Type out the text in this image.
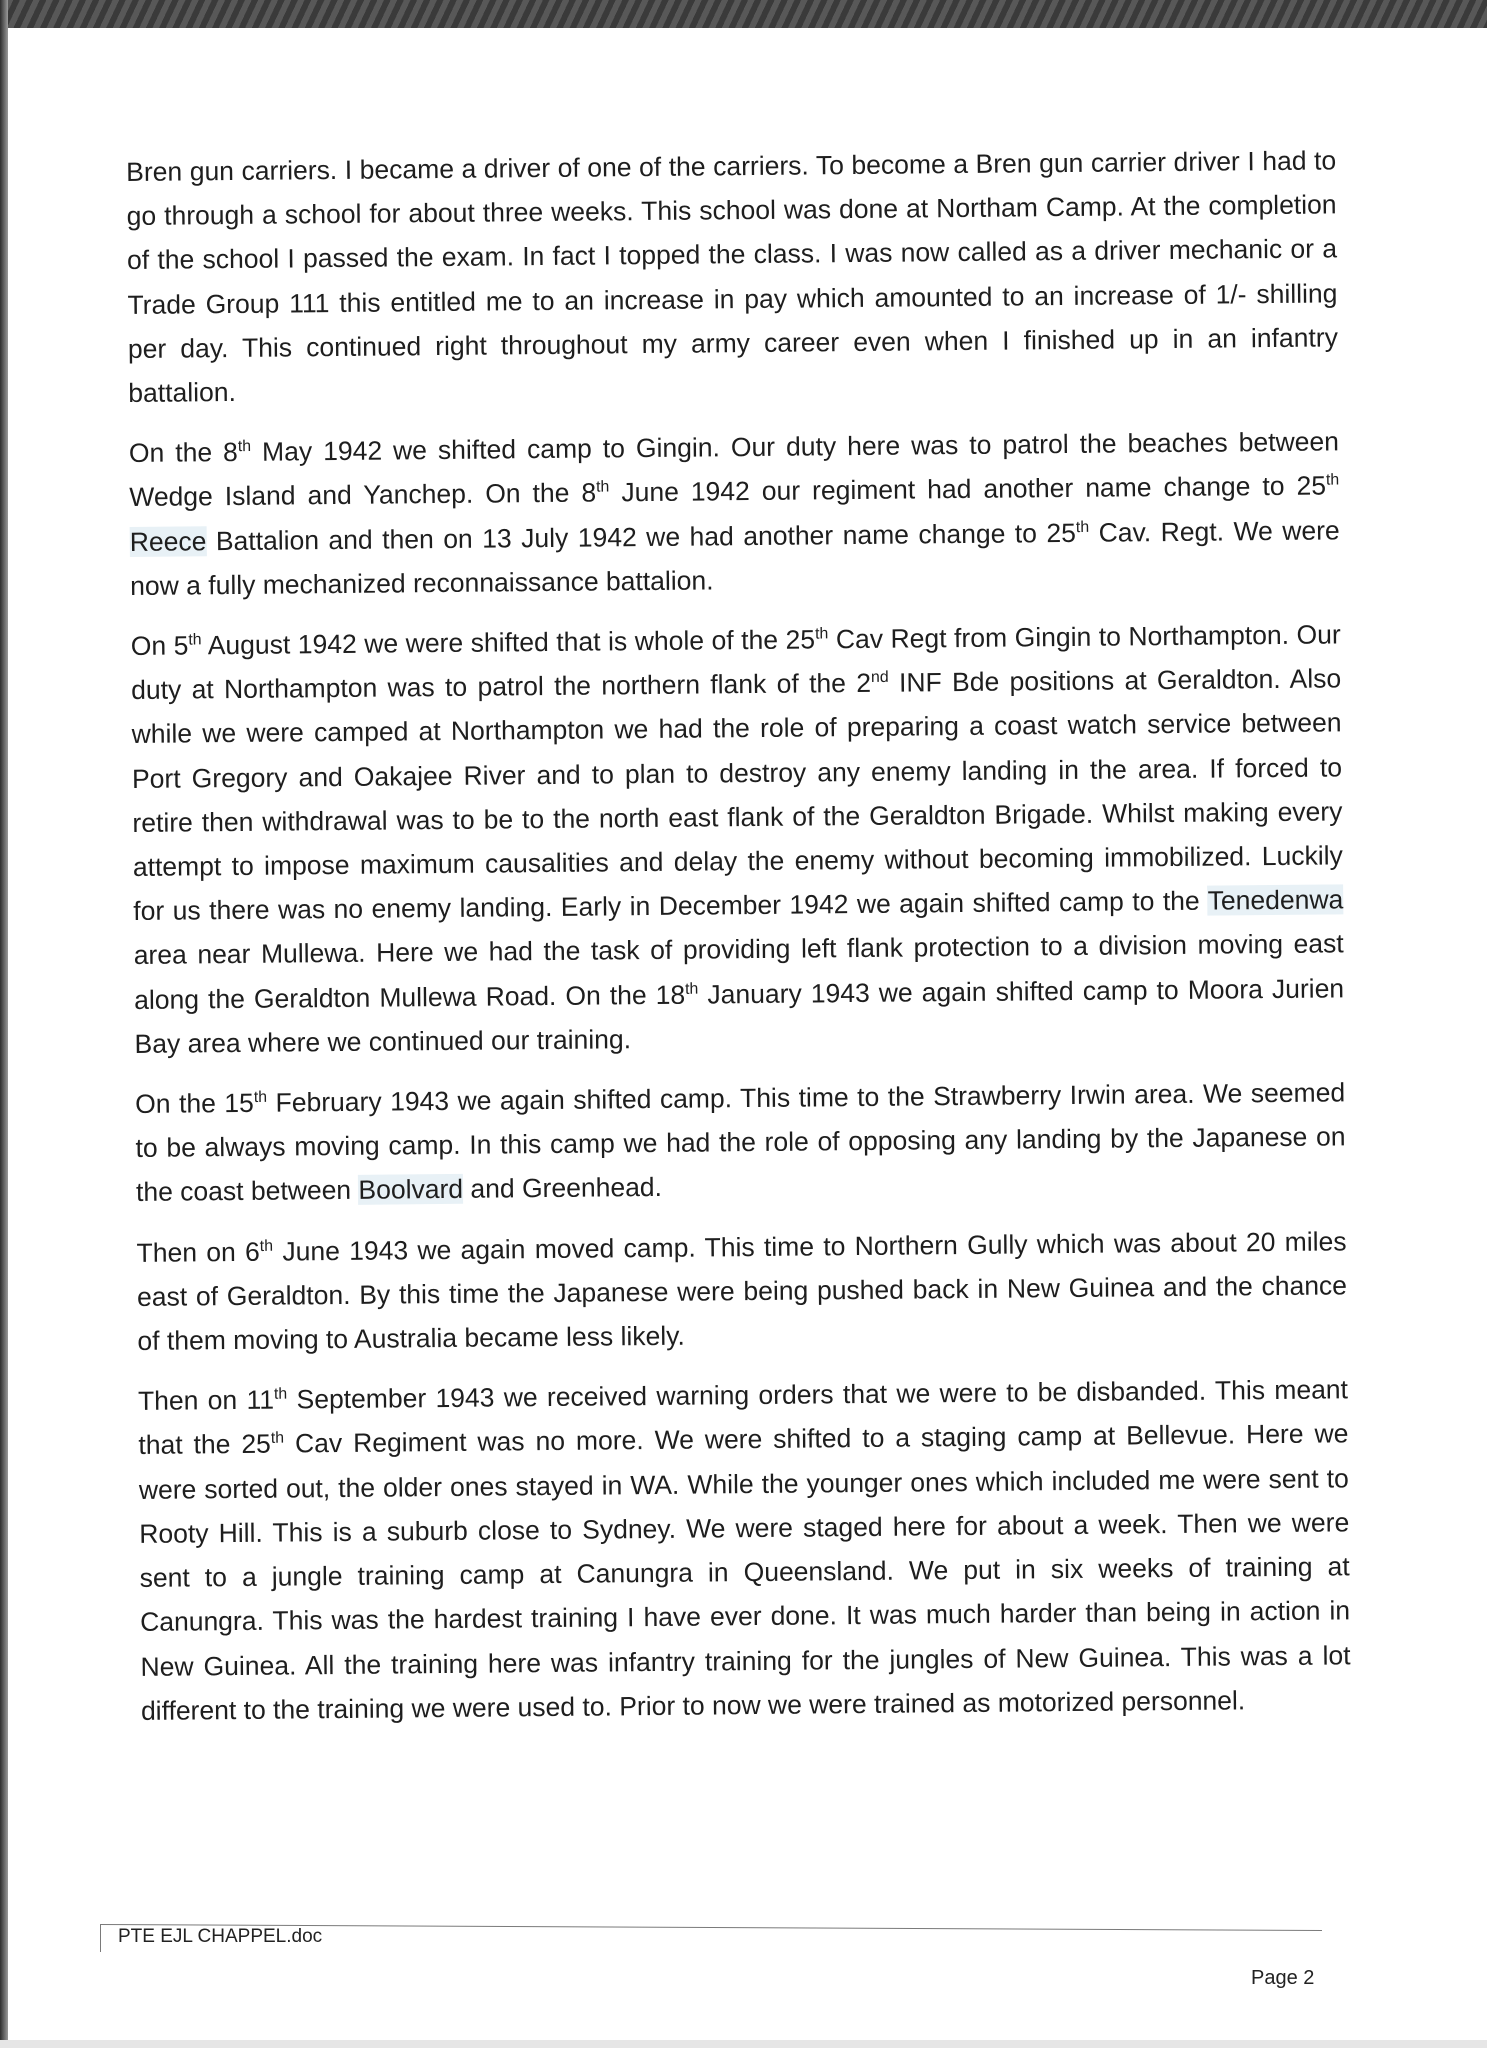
Bren gun carriers. I became a driver of one of the carriers. To become a Bren gun carrier driver I had to go through a school for about three weeks. This school was done at Northam Camp. At the completion of the school I passed the exam. In fact I topped the class. I was now called as a driver mechanic or a Trade Group 111 this entitled me to an increase in pay which amounted to an increase of 1/- shilling per day. This continued right throughout my army career even when I finished up in an infantry battalion.

On the 8th May 1942 we shifted camp to Gingin. Our duty here was to patrol the beaches between Wedge Island and Yanchep. On the 8th June 1942 our regiment had another name change to 25th Reece Battalion and then on 13 July 1942 we had another name change to 25th Cav. Regt. We were now a fully mechanized reconnaissance battalion.

On 5th August 1942 we were shifted that is whole of the 25th Cav Regt from Gingin to Northampton. Our duty at Northampton was to patrol the northern flank of the 2nd INF Bde positions at Geraldton. Also while we were camped at Northampton we had the role of preparing a coast watch service between Port Gregory and Oakajee River and to plan to destroy any enemy landing in the area. If forced to retire then withdrawal was to be to the north east flank of the Geraldton Brigade. Whilst making every attempt to impose maximum causalities and delay the enemy without becoming immobilized. Luckily for us there was no enemy landing. Early in December 1942 we again shifted camp to the Tenedenwa area near Mullewa. Here we had the task of providing left flank protection to a division moving east along the Geraldton Mullewa Road. On the 18th January 1943 we again shifted camp to Moora Jurien Bay area where we continued our training.

On the 15th February 1943 we again shifted camp. This time to the Strawberry Irwin area. We seemed to be always moving camp. In this camp we had the role of opposing any landing by the Japanese on the coast between Boolvard and Greenhead.

Then on 6th June 1943 we again moved camp. This time to Northern Gully which was about 20 miles east of Geraldton. By this time the Japanese were being pushed back in New Guinea and the chance of them moving to Australia became less likely.

Then on 11th September 1943 we received warning orders that we were to be disbanded. This meant that the 25th Cav Regiment was no more. We were shifted to a staging camp at Bellevue. Here we were sorted out, the older ones stayed in WA. While the younger ones which included me were sent to Rooty Hill. This is a suburb close to Sydney. We were staged here for about a week. Then we were sent to a jungle training camp at Canungra in Queensland. We put in six weeks of training at Canungra. This was the hardest training I have ever done. It was much harder than being in action in New Guinea. All the training here was infantry training for the jungles of New Guinea. This was a lot different to the training we were used to. Prior to now we were trained as motorized personnel.

PTE EJL CHAPPEL.doc
Page 2
